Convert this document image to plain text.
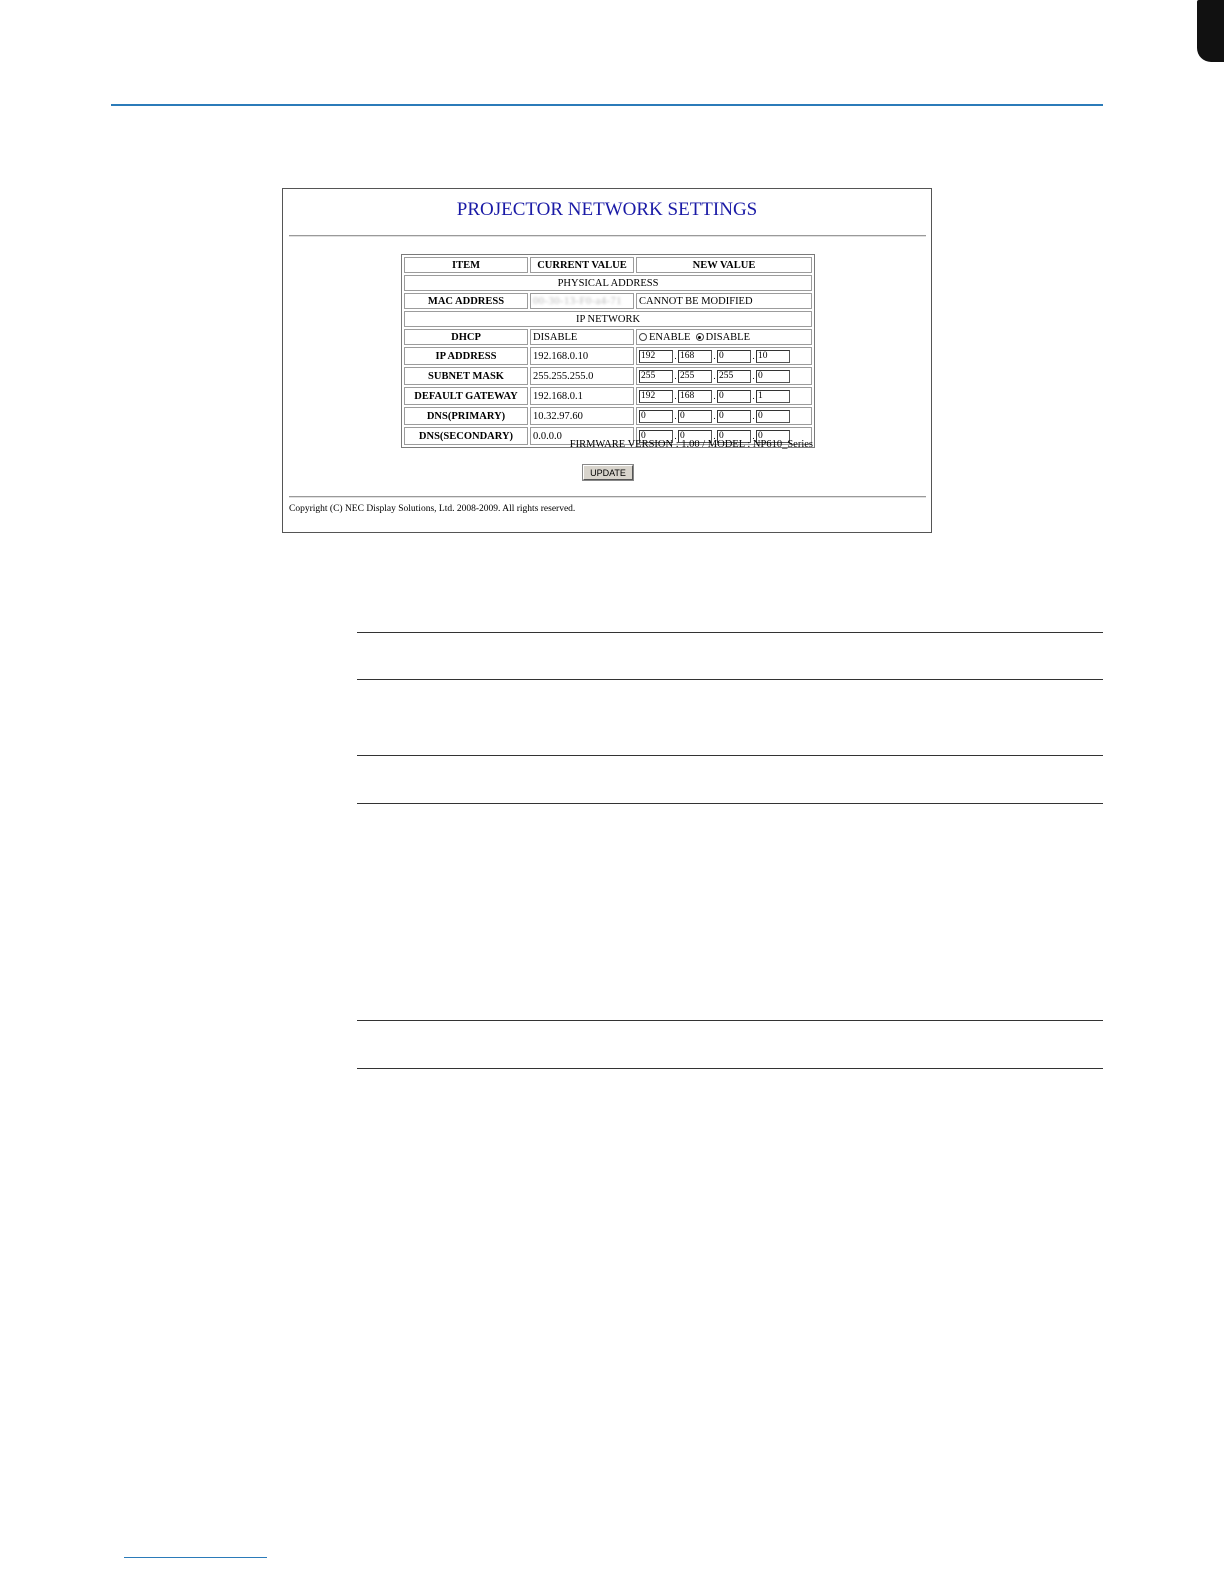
PROJECTOR NETWORK SETTINGS
ITEM	CURRENT VALUE	NEW VALUE
PHYSICAL ADDRESS		
MAC ADDRESS	00-30-13-F0-a4-71	CANNOT BE MODIFIED
IP NETWORK		
DHCP	DISABLE	ENABLE DISABLE
IP ADDRESS	192.168.0.10	192 . 168 . 0 . 10
SUBNET MASK	255.255.255.0	255 . 255 . 255 . 0
DEFAULT GATEWAY	192.168.0.1	192 . 168 . 0 . 1
DNS(PRIMARY)	10.32.97.60	0 . 0 . 0 . 0
DNS(SECONDARY)	0.0.0.0	0 . 0 . 0 . 0
FIRMWARE VERSION : 1.00 / MODEL : NP610_Series
UPDATE
Copyright (C) NEC Display Solutions, Ltd. 2008-2009. All rights reserved.
